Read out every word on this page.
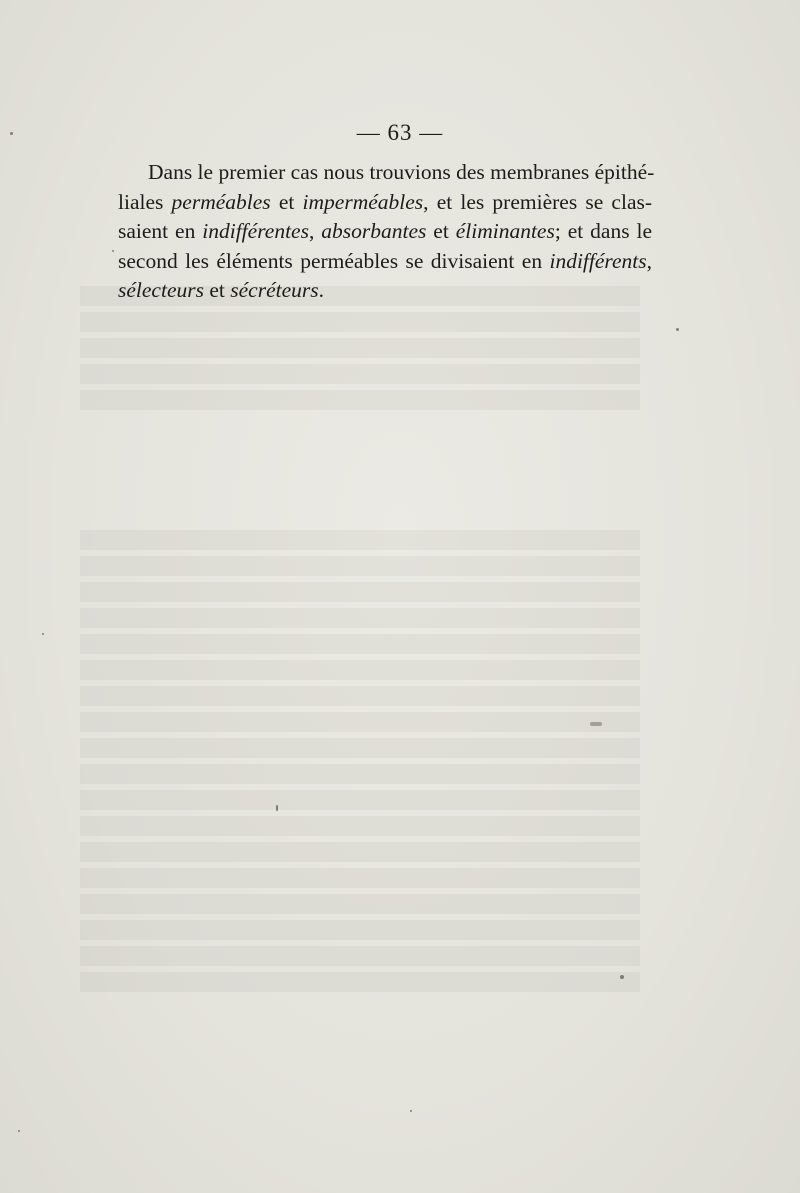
— 63 —
Dans le premier cas nous trouvions des membranes épithé-
liales perméables et imperméables, et les premières se clas-
saient en indifférentes, absorbantes et éliminantes; et dans le
second les éléments perméables se divisaient en indifférents,
sélecteurs et sécréteurs.
